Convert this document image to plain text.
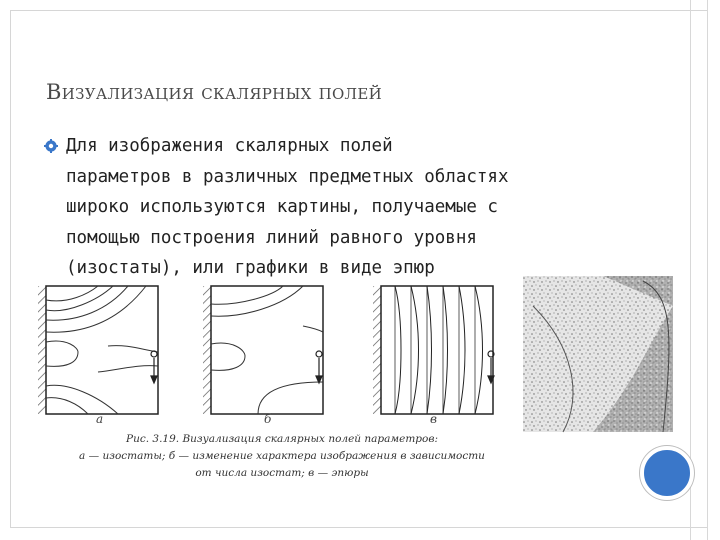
Визуализация скалярных полей
Для изображения скалярных полей
параметров в различных предметных областях
широко используются картины, получаемые с
помощью построения линий равного уровня
(изостаты), или графики в виде эпюр
а	б	в
Рис. 3.19. Визуализация скалярных полей параметров:
а — изостаты; б — изменение характера изображения в зависимости
от числа изостат; в — эпюры
